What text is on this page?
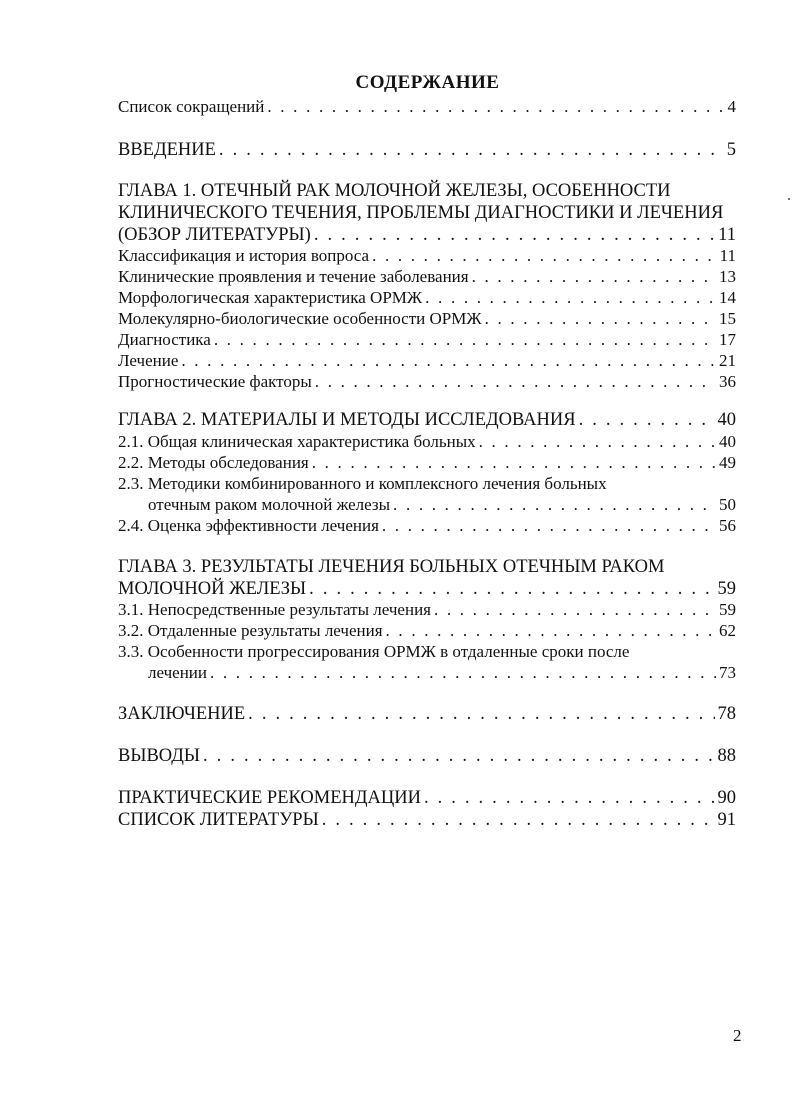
СОДЕРЖАНИЕ
Список сокращений . . .	4
ВВЕДЕНИЕ . . .	5
ГЛАВА 1. ОТЕЧНЫЙ РАК МОЛОЧНОЙ ЖЕЛЕЗЫ, ОСОБЕННОСТИ
КЛИНИЧЕСКОГО ТЕЧЕНИЯ, ПРОБЛЕМЫ ДИАГНОСТИКИ И ЛЕЧЕНИЯ
(ОБЗОР ЛИТЕРАТУРЫ) . . .	11
Классификация и история вопроса . . .	11
Клинические проявления и течение заболевания . . .	13
Морфологическая характеристика ОРМЖ . . .	14
Молекулярно-биологические особенности ОРМЖ . . .	15
Диагностика . . .	17
Лечение . . .	21
Прогностические факторы . . .	36
ГЛАВА 2. МАТЕРИАЛЫ И МЕТОДЫ ИССЛЕДОВАНИЯ . . .	40
2.1. Общая клиническая характеристика больных . . .	40
2.2. Методы обследования . . .	49
2.3. Методики комбинированного и комплексного лечения больных
отечным раком молочной железы . . .	50
2.4. Оценка эффективности лечения . . .	56
ГЛАВА 3. РЕЗУЛЬТАТЫ ЛЕЧЕНИЯ БОЛЬНЫХ ОТЕЧНЫМ РАКОМ
МОЛОЧНОЙ ЖЕЛЕЗЫ . . .	59
3.1. Непосредственные результаты лечения . . .	59
3.2. Отдаленные результаты лечения . . .	62
3.3. Особенности прогрессирования ОРМЖ в отдаленные сроки после
лечении . . .	73
ЗАКЛЮЧЕНИЕ . . .	78
ВЫВОДЫ . . .	88
ПРАКТИЧЕСКИЕ РЕКОМЕНДАЦИИ . . .	90
СПИСОК ЛИТЕРАТУРЫ . . .	91
2
